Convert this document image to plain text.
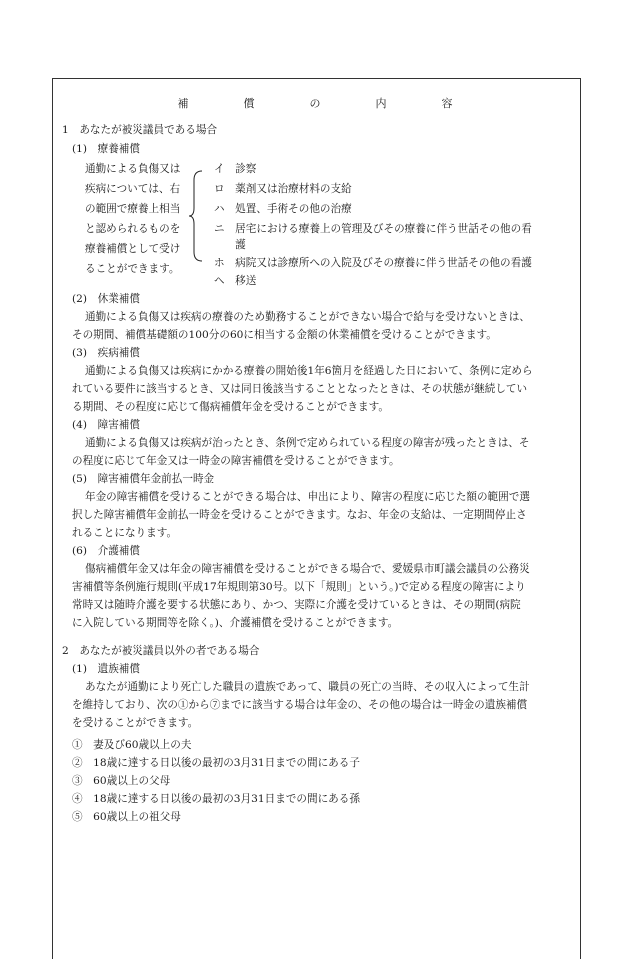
補　償　の　内　容
1　あなたが被災議員である場合
(1)　療養補償
通勤による負傷又は
疾病については、右
の範囲で療養上相当
と認められるものを
療養補償として受け
ることができます。
イ　診察
ロ　薬剤又は治療材料の支給
ハ　処置、手術その他の治療
ニ　居宅における療養上の管理及びその療養に伴う世話その他の看
　　護
ホ　病院又は診療所への入院及びその療養に伴う世話その他の看護
ヘ　移送
(2)　休業補償
通勤による負傷又は疾病の療養のため勤務することができない場合で給与を受けないときは、
その期間、補償基礎額の100分の60に相当する金額の休業補償を受けることができます。
(3)　疾病補償
通勤による負傷又は疾病にかかる療養の開始後1年6箇月を経過した日において、条例に定めら
れている要件に該当するとき、又は同日後該当することとなったときは、その状態が継続してい
る期間、その程度に応じて傷病補償年金を受けることができます。
(4)　障害補償
通勤による負傷又は疾病が治ったとき、条例で定められている程度の障害が残ったときは、そ
の程度に応じて年金又は一時金の障害補償を受けることができます。
(5)　障害補償年金前払一時金
年金の障害補償を受けることができる場合は、申出により、障害の程度に応じた額の範囲で選
択した障害補償年金前払一時金を受けることができます。なお、年金の支給は、一定期間停止さ
れることになります。
(6)　介護補償
傷病補償年金又は年金の障害補償を受けることができる場合で、愛媛県市町議会議員の公務災
害補償等条例施行規則(平成17年規則第30号。以下「規則」という。)で定める程度の障害により
常時又は随時介護を要する状態にあり、かつ、実際に介護を受けているときは、その期間(病院
に入院している期間等を除く。)、介護補償を受けることができます。
2　あなたが被災議員以外の者である場合
(1)　遺族補償
あなたが通勤により死亡した職員の遺族であって、職員の死亡の当時、その収入によって生計
を維持しており、次の①から⑦までに該当する場合は年金の、その他の場合は一時金の遺族補償
を受けることができます。
①　妻及び60歳以上の夫
②　18歳に達する日以後の最初の3月31日までの間にある子
③　60歳以上の父母
④　18歳に達する日以後の最初の3月31日までの間にある孫
⑤　60歳以上の祖父母
